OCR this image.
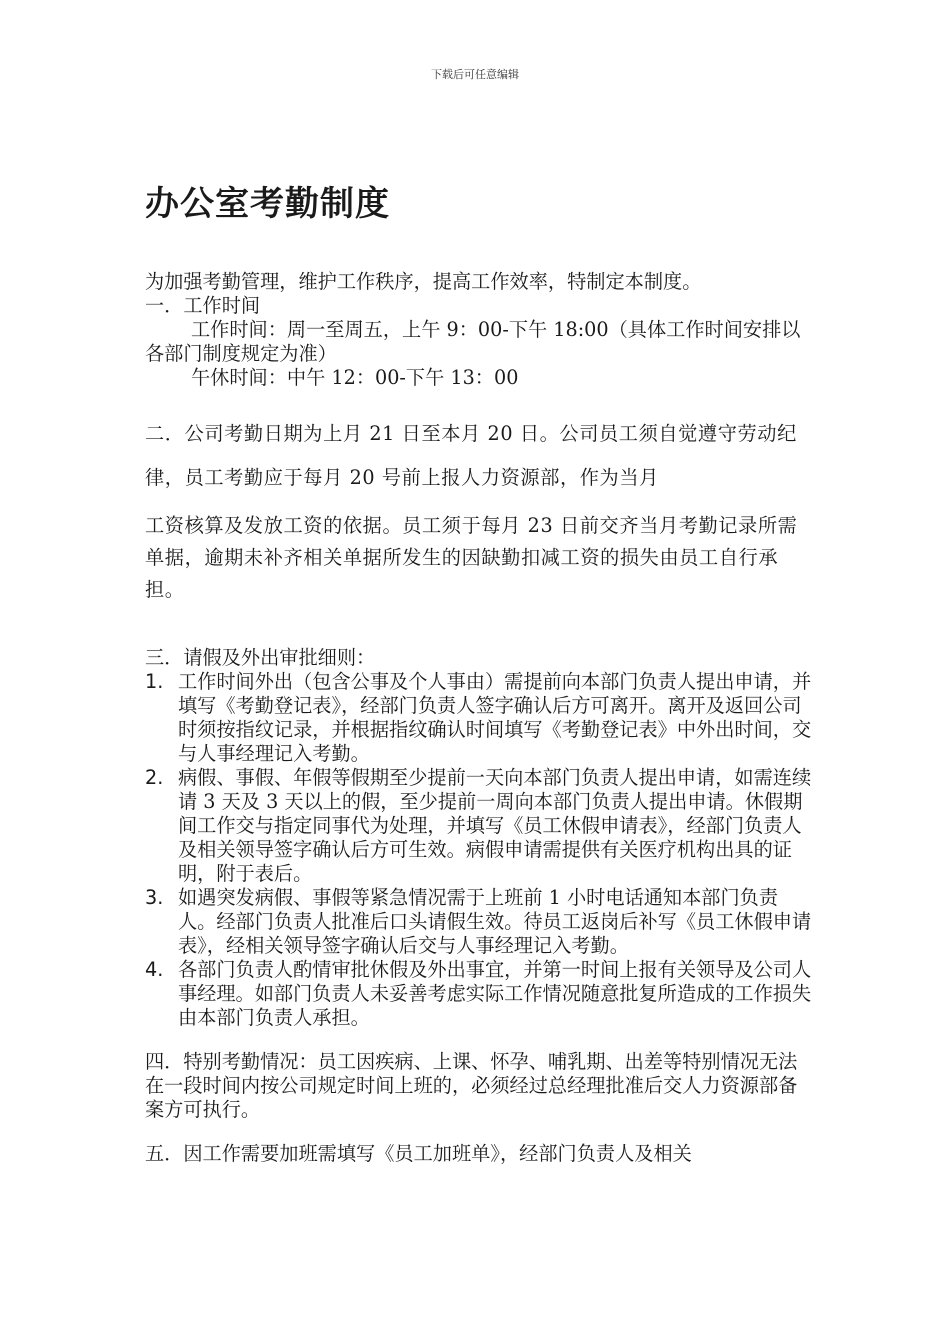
下载后可任意编辑
办公室考勤制度

为加强考勤管理，维护工作秩序，提高工作效率，特制定本制度。

一．工作时间

工作时间：周一至周五，上午 9：00-下午 18:00（具体工作时间安排以各部门制度规定为准）

午休时间：中午 12：00-下午 13：00

二．公司考勤日期为上月 21 日至本月 20 日。公司员工须自觉遵守劳动纪律，员工考勤应于每月 20 号前上报人力资源部，作为当月

工资核算及发放工资的依据。员工须于每月 23 日前交齐当月考勤记录所需单据，逾期未补齐相关单据所发生的因缺勤扣减工资的损失由员工自行承担。

三．请假及外出审批细则：

1. 工作时间外出（包含公事及个人事由）需提前向本部门负责人提出申请，并填写《考勤登记表》，经部门负责人签字确认后方可离开。离开及返回公司时须按指纹记录，并根据指纹确认时间填写《考勤登记表》中外出时间，交与人事经理记入考勤。
2. 病假、事假、年假等假期至少提前一天向本部门负责人提出申请，如需连续请 3 天及 3 天以上的假，至少提前一周向本部门负责人提出申请。休假期间工作交与指定同事代为处理，并填写《员工休假申请表》，经部门负责人及相关领导签字确认后方可生效。病假申请需提供有关医疗机构出具的证明，附于表后。
3. 如遇突发病假、事假等紧急情况需于上班前 1 小时电话通知本部门负责人。经部门负责人批准后口头请假生效。待员工返岗后补写《员工休假申请表》，经相关领导签字确认后交与人事经理记入考勤。
4. 各部门负责人酌情审批休假及外出事宜，并第一时间上报有关领导及公司人事经理。如部门负责人未妥善考虑实际工作情况随意批复所造成的工作损失由本部门负责人承担。

四．特别考勤情况：员工因疾病、上课、怀孕、哺乳期、出差等特别情况无法在一段时间内按公司规定时间上班的，必须经过总经理批准后交人力资源部备案方可执行。

五．因工作需要加班需填写《员工加班单》，经部门负责人及相关
